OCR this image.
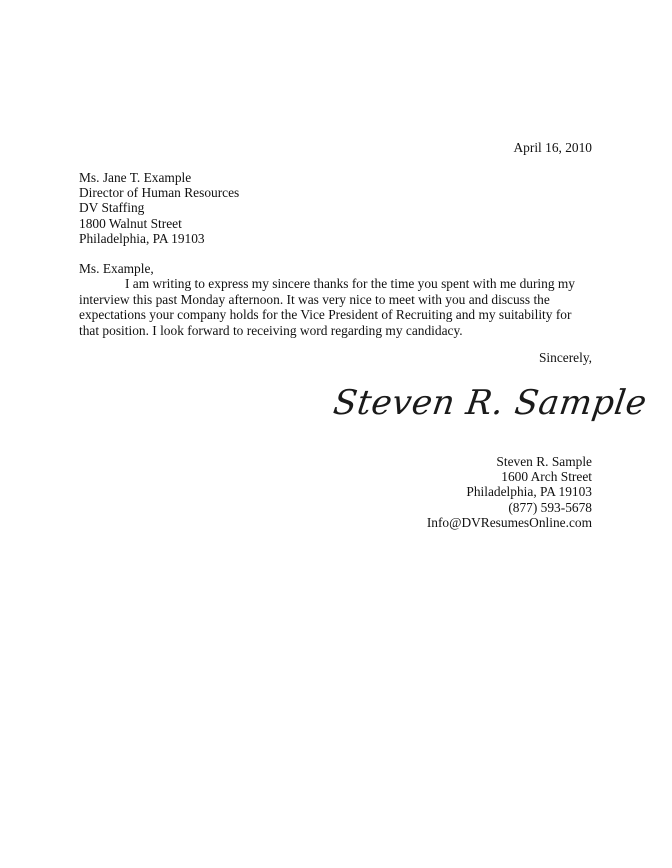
April 16, 2010
Ms. Jane T. Example
Director of Human Resources
DV Staffing
1800 Walnut Street
Philadelphia, PA 19103
Ms. Example,
I am writing to express my sincere thanks for the time you spent with me during my interview this past Monday afternoon. It was very nice to meet with you and discuss the expectations your company holds for the Vice President of Recruiting and my suitability for that position. I look forward to receiving word regarding my candidacy.
Sincerely,
Steven R. Sample
Steven R. Sample
1600 Arch Street
Philadelphia, PA 19103
(877) 593-5678
Info@DVResumesOnline.com
